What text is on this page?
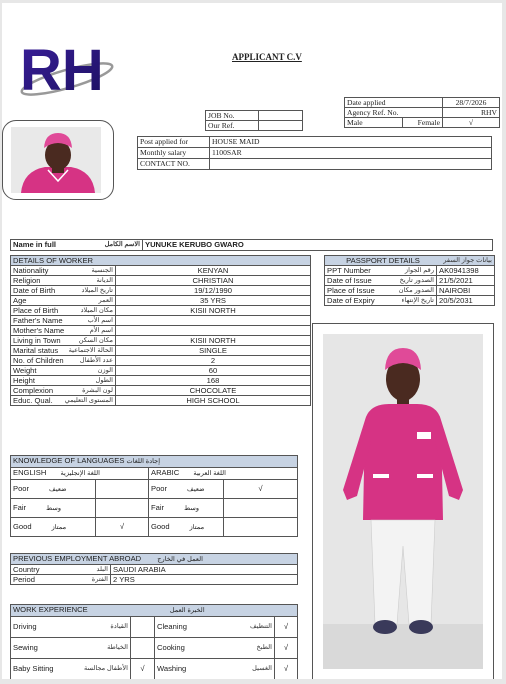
RH	APPLICANT C.V
Date applied		28/7/2026
Agency Ref. No.		RHV
Male	Female	√
JOB No.	
Our Ref.	
Post applied for	HOUSE MAID
Monthly salary	1100SAR
CONTACT NO.	
Name in full	الاسم الكامل	YUNUKE KERUBO GWARO
DETAILS OF WORKER	
Nationality الجنسية	KENYAN
Religion الديانة	CHRISTIAN
Date of Birth تاريخ الميلاد	19/12/1990
Age العمر	35 YRS
Place of Birth مكان الميلاد	KISII NORTH
Father's Name اسم الأب	

Mother's Name اسم الأم	

Living in Town مكان السكن	KISII NORTH
Marital status الحالة الاجتماعية	SINGLE
No. of Children عدد الأطفال	2
Weight الوزن	60
Height الطول	168
Complexion لون البشرة	CHOCOLATE
Educ. Qual. المستوى التعليمي	HIGH SCHOOL
PASSPORT DETAILS بيانات جواز السفر	

PPT Number رقم الجواز	AK0941398
Date of Issue الصدور تاريخ	21/5/2021
Place of Issue الصدور مكان	NAIROBI
Date of Expiry تاريخ الإنتهاء	20/5/2031
KNOWLEDGE OF LANGUAGES إجادة اللغات			
ENGLISH اللغة الإنجليزية		ARABIC اللغة العربية	
Poor ضعيف		Poor ضعيف	√
Fair وسط		Fair وسط	
Good ممتاز	√	Good ممتاز	
PREVIOUS EMPLOYMENT ABROAD العمل في الخارج	
Country البلد	SAUDI ARABIA
Period الفترة	2 YRS
WORK EXPERIENCE الخبرة العمل			
Driving القيادة		Cleaning التنظيف	√
Sewing الخياطة		Cooking الطبخ	√
Baby Sitting الأطفال مجالسة	√	Washing الغسيل	√
